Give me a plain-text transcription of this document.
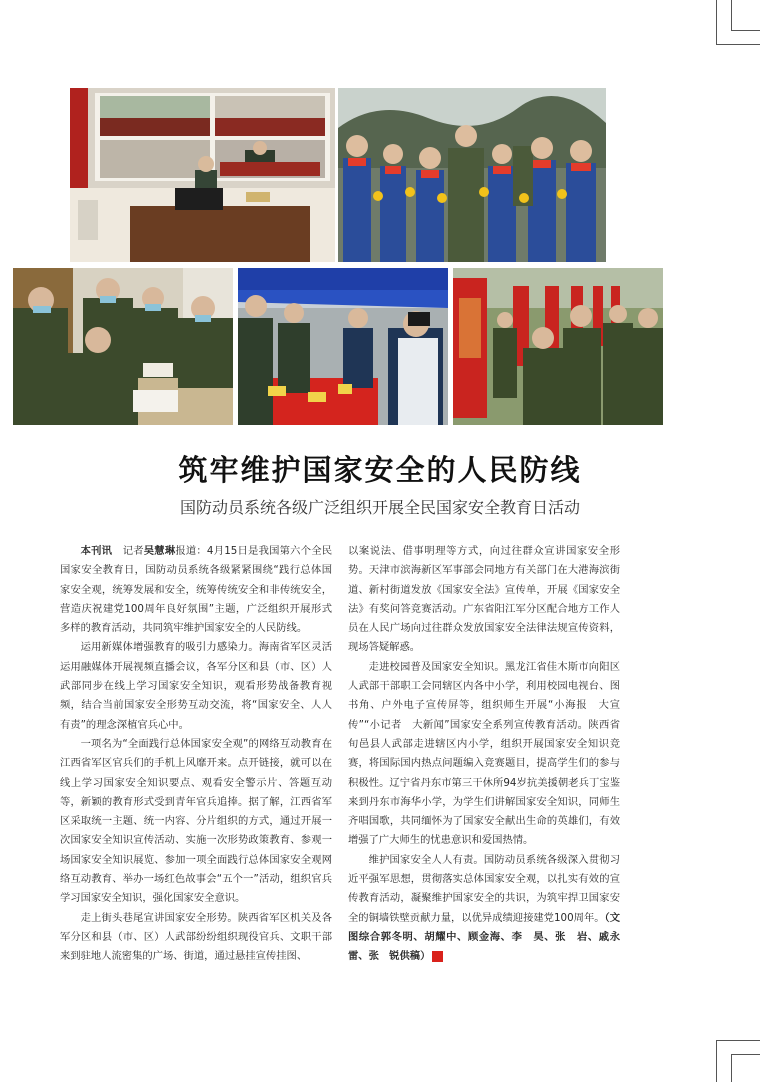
筑牢维护国家安全的人民防线
国防动员系统各级广泛组织开展全民国家安全教育日活动

本刊讯　 记者吴慧琳报道：4月15日是我国第六个全民国家安全教育日，国防动员系统各级紧紧围绕“践行总体国家安全观，统筹发展和安全，统筹传统安全和非传统安全，营造庆祝建党100周年良好氛围”主题，广泛组织开展形式多样的教育活动，共同筑牢维护国家安全的人民防线。

运用新媒体增强教育的吸引力感染力。海南省军区灵活运用融媒体开展视频直播会议，各军分区和县（市、区）人武部同步在线上学习国家安全知识，观看形势战备教育视频，结合当前国家安全形势互动交流，将“国家安全、人人有责”的理念深植官兵心中。

一项名为“全面践行总体国家安全观”的网络互动教育在江西省军区官兵们的手机上风靡开来。点开链接，就可以在线上学习国家安全知识要点、观看安全警示片、答题互动等，新颖的教育形式受到青年官兵追捧。据了解，江西省军区采取统一主题、统一内容、分片组织的方式，通过开展一次国家安全知识宣传活动、实施一次形势政策教育、参观一场国家安全知识展览、参加一项全面践行总体国家安全观网络互动教育、举办一场红色故事会“五个一”活动，组织官兵学习国家安全知识，强化国家安全意识。

走上街头巷尾宣讲国家安全形势。陕西省军区机关及各军分区和县（市、区）人武部纷纷组织现役官兵、文职干部来到驻地人流密集的广场、街道，通过悬挂宣传挂图、

以案说法、借事明理等方式，向过往群众宣讲国家安全形势。天津市滨海新区军事部会同地方有关部门在大港海滨街道、新村街道发放《国家安全法》宣传单，开展《国家安全法》有奖问答竞赛活动。广东省阳江军分区配合地方工作人员在人民广场向过往群众发放国家安全法律法规宣传资料，现场答疑解惑。

走进校园普及国家安全知识。黑龙江省佳木斯市向阳区人武部干部职工会同辖区内各中小学，利用校园电视台、图书角、户外电子宣传屏等，组织师生开展“小海报　大宣传”“小记者　大新闻”国家安全系列宣传教育活动。陕西省旬邑县人武部走进辖区内小学，组织开展国家安全知识竞赛，将国际国内热点问题编入竞赛题目，提高学生们的参与积极性。辽宁省丹东市第三干休所94岁抗美援朝老兵丁宝鉴来到丹东市海华小学，为学生们讲解国家安全知识，同师生齐唱国歌，共同缅怀为了国家安全献出生命的英雄们，有效增强了广大师生的忧患意识和爱国热情。

维护国家安全人人有责。国防动员系统各级深入贯彻习近平强军思想，贯彻落实总体国家安全观，以扎实有效的宣传教育活动，凝聚维护国家安全的共识，为筑牢捍卫国家安全的铜墙铁壁贡献力量，以优异成绩迎接建党100周年。（文图综合郭冬明、胡耀中、顾金海、李　昊、张　岩、戚永雷、张　锐供稿）	G
